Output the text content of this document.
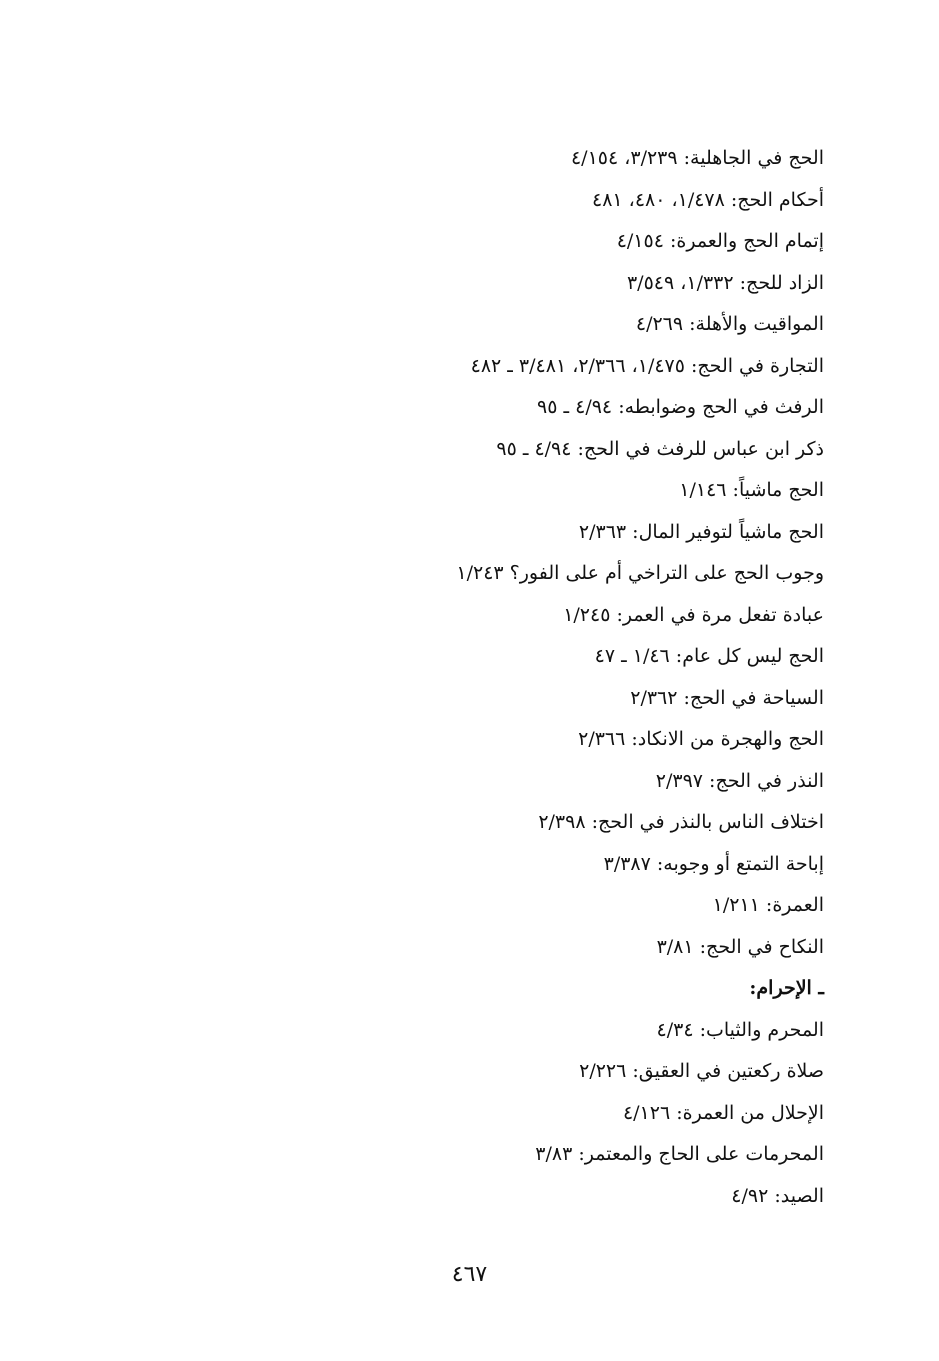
الحج في الجاهلية: ٣/٢٣٩، ٤/١٥٤
أحكام الحج: ١/٤٧٨، ٤٨٠، ٤٨١
إتمام الحج والعمرة: ٤/١٥٤
الزاد للحج: ١/٣٣٢، ٣/٥٤٩
المواقيت والأهلة: ٤/٢٦٩
التجارة في الحج: ١/٤٧٥، ٢/٣٦٦، ٣/٤٨١ ـ ٤٨٢
الرفث في الحج وضوابطه: ٤/٩٤ ـ ٩٥
ذكر ابن عباس للرفث في الحج: ٤/٩٤ ـ ٩٥
الحج ماشياً: ١/١٤٦
الحج ماشياً لتوفير المال: ٢/٣٦٣
وجوب الحج على التراخي أم على الفور؟ ١/٢٤٣
عبادة تفعل مرة في العمر: ١/٢٤٥
الحج ليس كل عام: ١/٤٦ ـ ٤٧
السياحة في الحج: ٢/٣٦٢
الحج والهجرة من الانكاد: ٢/٣٦٦
النذر في الحج: ٢/٣٩٧
اختلاف الناس بالنذر في الحج: ٢/٣٩٨
إباحة التمتع أو وجوبه: ٣/٣٨٧
العمرة: ١/٢١١
النكاح في الحج: ٣/٨١
ـ الإحرام:
المحرم والثياب: ٤/٣٤
صلاة ركعتين في العقيق: ٢/٢٢٦
الإحلال من العمرة: ٤/١٢٦
المحرمات على الحاج والمعتمر: ٣/٨٣
الصيد: ٤/٩٢
٤٦٧
